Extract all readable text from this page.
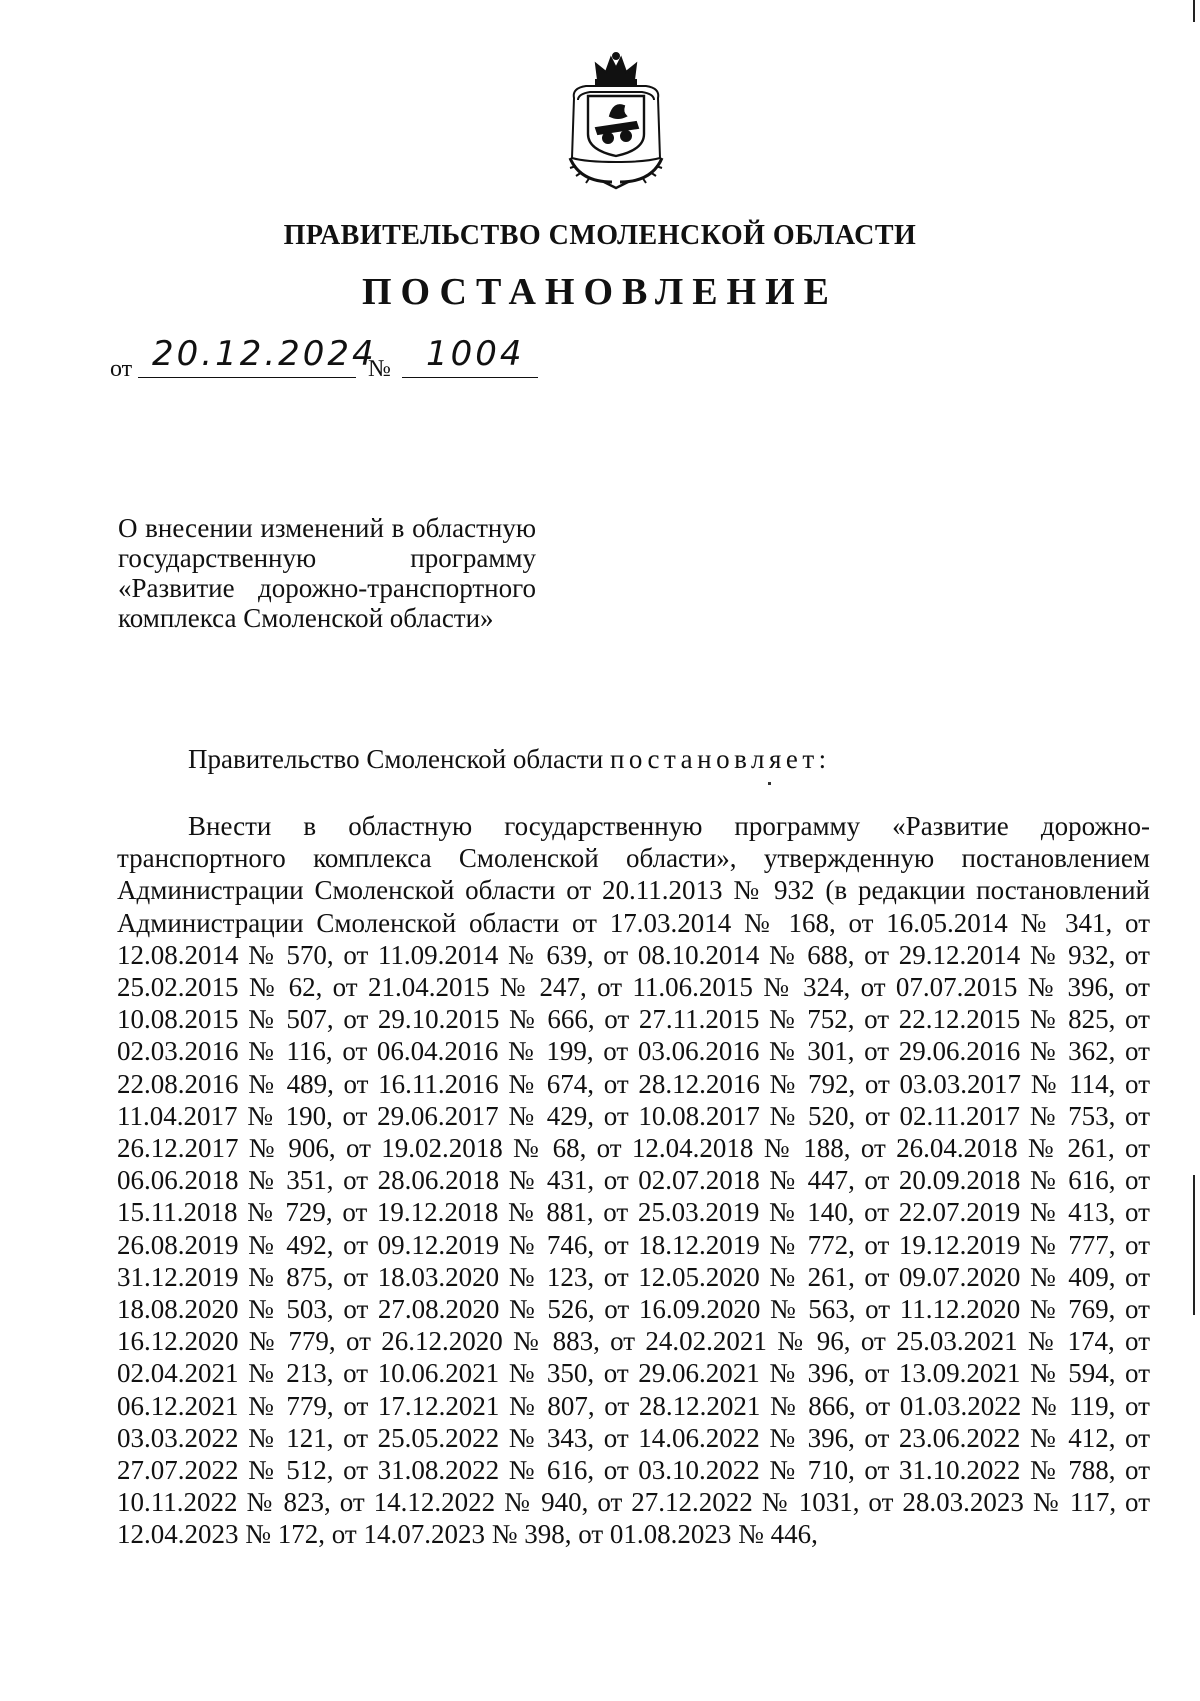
ПРАВИТЕЛЬСТВО СМОЛЕНСКОЙ ОБЛАСТИ
ПОСТАНОВЛЕНИЕ
от 20.12.2024
№ 1004
О внесении изменений в областную государственную программу «Развитие дорожно-транспортного комплекса Смоленской области»
Правительство Смоленской области постановляет:
Внести в областную государственную программу «Развитие дорожно-транспортного комплекса Смоленской области», утвержденную постановлением Администрации Смоленской области от 20.11.2013 № 932 (в редакции постановлений Администрации Смоленской области от 17.03.2014 № 168, от 16.05.2014 № 341, от 12.08.2014 № 570, от 11.09.2014 № 639, от 08.10.2014 № 688, от 29.12.2014 № 932, от 25.02.2015 № 62, от 21.04.2015 № 247, от 11.06.2015 № 324, от 07.07.2015 № 396, от 10.08.2015 № 507, от 29.10.2015 № 666, от 27.11.2015 № 752, от 22.12.2015 № 825, от 02.03.2016 № 116, от 06.04.2016 № 199, от 03.06.2016 № 301, от 29.06.2016 № 362, от 22.08.2016 № 489, от 16.11.2016 № 674, от 28.12.2016 № 792, от 03.03.2017 № 114, от 11.04.2017 № 190, от 29.06.2017 № 429, от 10.08.2017 № 520, от 02.11.2017 № 753, от 26.12.2017 № 906, от 19.02.2018 № 68, от 12.04.2018 № 188, от 26.04.2018 № 261, от 06.06.2018 № 351, от 28.06.2018 № 431, от 02.07.2018 № 447, от 20.09.2018 № 616, от 15.11.2018 № 729, от 19.12.2018 № 881, от 25.03.2019 № 140, от 22.07.2019 № 413, от 26.08.2019 № 492, от 09.12.2019 № 746, от 18.12.2019 № 772, от 19.12.2019 № 777, от 31.12.2019 № 875, от 18.03.2020 № 123, от 12.05.2020 № 261, от 09.07.2020 № 409, от 18.08.2020 № 503, от 27.08.2020 № 526, от 16.09.2020 № 563, от 11.12.2020 № 769, от 16.12.2020 № 779, от 26.12.2020 № 883, от 24.02.2021 № 96, от 25.03.2021 № 174, от 02.04.2021 № 213, от 10.06.2021 № 350, от 29.06.2021 № 396, от 13.09.2021 № 594, от 06.12.2021 № 779, от 17.12.2021 № 807, от 28.12.2021 № 866, от 01.03.2022 № 119, от 03.03.2022 № 121, от 25.05.2022 № 343, от 14.06.2022 № 396, от 23.06.2022 № 412, от 27.07.2022 № 512, от 31.08.2022 № 616, от 03.10.2022 № 710, от 31.10.2022 № 788, от 10.11.2022 № 823, от 14.12.2022 № 940, от 27.12.2022 № 1031, от 28.03.2023 № 117, от 12.04.2023 № 172, от 14.07.2023 № 398, от 01.08.2023 № 446,
